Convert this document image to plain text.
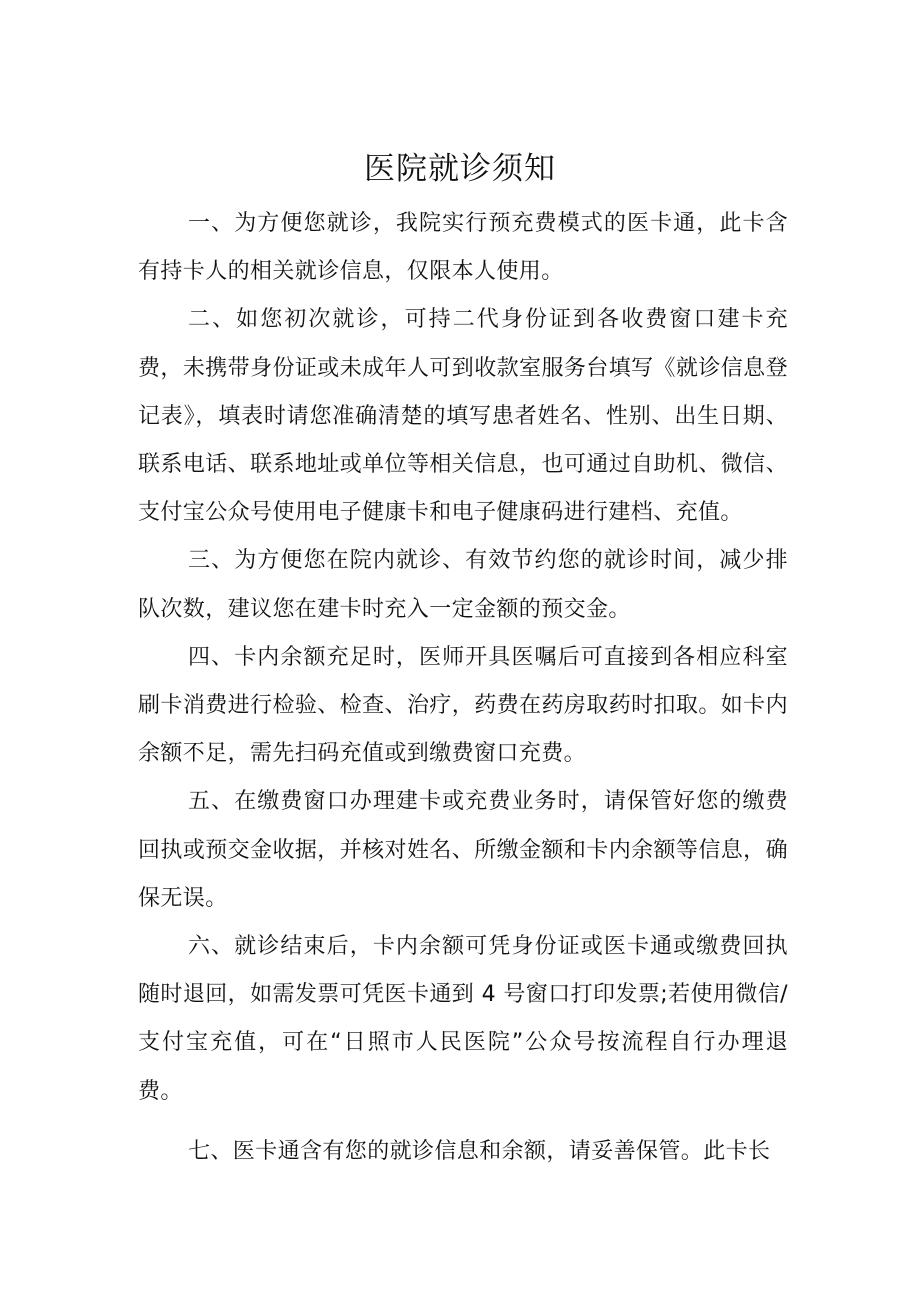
医院就诊须知

一、为方便您就诊，我院实行预充费模式的医卡通，此卡含有持卡人的相关就诊信息，仅限本人使用。

二、如您初次就诊，可持二代身份证到各收费窗口建卡充费，未携带身份证或未成年人可到收款室服务台填写《就诊信息登记表》，填表时请您准确清楚的填写患者姓名、性别、出生日期、联系电话、联系地址或单位等相关信息，也可通过自助机、微信、支付宝公众号使用电子健康卡和电子健康码进行建档、充值。

三、为方便您在院内就诊、有效节约您的就诊时间，减少排队次数，建议您在建卡时充入一定金额的预交金。

四、卡内余额充足时，医师开具医嘱后可直接到各相应科室刷卡消费进行检验、检查、治疗，药费在药房取药时扣取。如卡内余额不足，需先扫码充值或到缴费窗口充费。

五、在缴费窗口办理建卡或充费业务时，请保管好您的缴费回执或预交金收据，并核对姓名、所缴金额和卡内余额等信息，确保无误。

六、就诊结束后，卡内余额可凭身份证或医卡通或缴费回执随时退回，如需发票可凭医卡通到 4 号窗口打印发票;若使用微信/支付宝充值，可在“日照市人民医院”公众号按流程自行办理退费。

七、医卡通含有您的就诊信息和余额，请妥善保管。此卡长
